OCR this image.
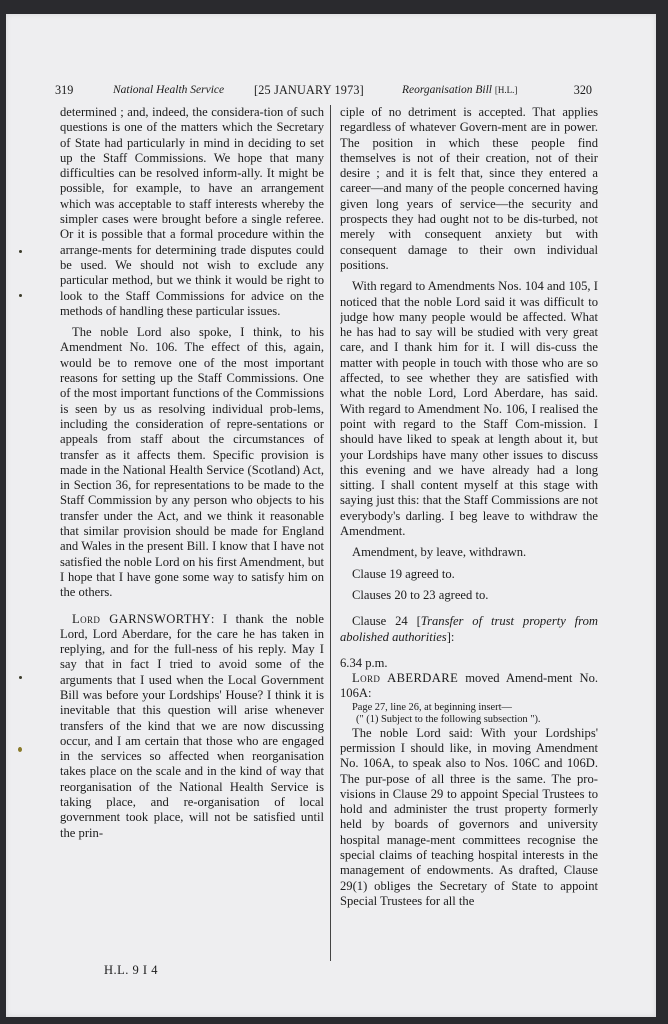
319	National Health Service [25 JANUARY 1973]	Reorganisation Bill [H.L.]	320

determined ; and, indeed, the considera-tion of such questions is one of the matters which the Secretary of State had particularly in mind in deciding to set up the Staff Commissions. We hope that many difficulties can be resolved inform-ally. It might be possible, for example, to have an arrangement which was acceptable to staff interests whereby the simpler cases were brought before a single referee. Or it is possible that a formal procedure within the arrange-ments for determining trade disputes could be used. We should not wish to exclude any particular method, but we think it would be right to look to the Staff Commissions for advice on the methods of handling these particular issues.

The noble Lord also spoke, I think, to his Amendment No. 106. The effect of this, again, would be to remove one of the most important reasons for setting up the Staff Commissions. One of the most important functions of the Commissions is seen by us as resolving individual prob-lems, including the consideration of repre-sentations or appeals from staff about the circumstances of transfer as it affects them. Specific provision is made in the National Health Service (Scotland) Act, in Section 36, for representations to be made to the Staff Commission by any person who objects to his transfer under the Act, and we think it reasonable that similar provision should be made for England and Wales in the present Bill. I know that I have not satisfied the noble Lord on his first Amendment, but I hope that I have gone some way to satisfy him on the others.

Lord GARNSWORTHY: I thank the noble Lord, Lord Aberdare, for the care he has taken in replying, and for the full-ness of his reply. May I say that in fact I tried to avoid some of the arguments that I used when the Local Government Bill was before your Lordships' House? I think it is inevitable that this question will arise whenever transfers of the kind that we are now discussing occur, and I am certain that those who are engaged in the services so affected when reorganisation takes place on the scale and in the kind of way that reorganisation of the National Health Service is taking place, and re-organisation of local government took place, will not be satisfied until the prin-

ciple of no detriment is accepted. That applies regardless of whatever Govern-ment are in power. The position in which these people find themselves is not of their creation, not of their desire ; and it is felt that, since they entered a career—and many of the people concerned having given long years of service—the security and prospects they had ought not to be dis-turbed, not merely with consequent anxiety but with consequent damage to their own individual positions.

With regard to Amendments Nos. 104 and 105, I noticed that the noble Lord said it was difficult to judge how many people would be affected. What he has had to say will be studied with very great care, and I thank him for it. I will dis-cuss the matter with people in touch with those who are so affected, to see whether they are satisfied with what the noble Lord, Lord Aberdare, has said. With regard to Amendment No. 106, I realised the point with regard to the Staff Com-mission. I should have liked to speak at length about it, but your Lordships have many other issues to discuss this evening and we have already had a long sitting. I shall content myself at this stage with saying just this: that the Staff Commissions are not everybody's darling. I beg leave to withdraw the Amendment.

Amendment, by leave, withdrawn.

Clause 19 agreed to.

Clauses 20 to 23 agreed to.

Clause 24 [Transfer of trust property from abolished authorities]:

6.34 p.m.

Lord ABERDARE moved Amend-ment No. 106A:

Page 27, line 26, at beginning insert—

(" (1) Subject to the following subsection ").

The noble Lord said: With your Lordships' permission I should like, in moving Amendment No. 106A, to speak also to Nos. 106C and 106D. The pur-pose of all three is the same. The pro-visions in Clause 29 to appoint Special Trustees to hold and administer the trust property formerly held by boards of governors and university hospital manage-ment committees recognise the special claims of teaching hospital interests in the management of endowments. As drafted, Clause 29(1) obliges the Secretary of State to appoint Special Trustees for all the

H.L. 9 I 4
